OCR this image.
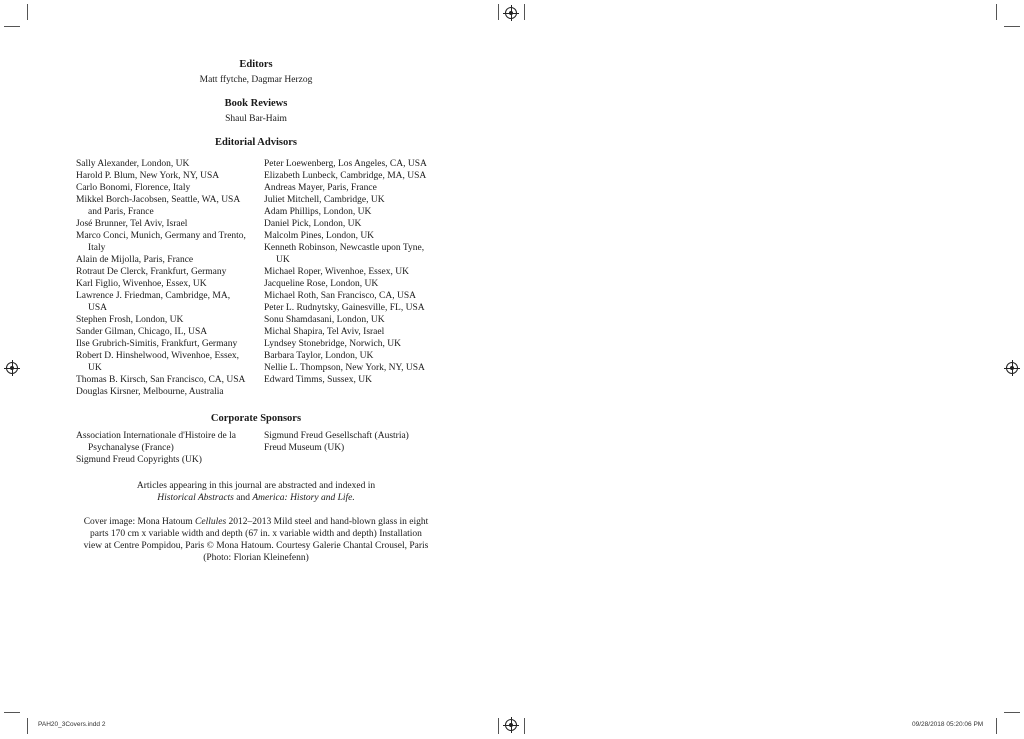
Editors
Matt ffytche, Dagmar Herzog
Book Reviews
Shaul Bar-Haim
Editorial Advisors
Sally Alexander, London, UK
Harold P. Blum, New York, NY, USA
Carlo Bonomi, Florence, Italy
Mikkel Borch-Jacobsen, Seattle, WA, USA and Paris, France
José Brunner, Tel Aviv, Israel
Marco Conci, Munich, Germany and Trento, Italy
Alain de Mijolla, Paris, France
Rotraut De Clerck, Frankfurt, Germany
Karl Figlio, Wivenhoe, Essex, UK
Lawrence J. Friedman, Cambridge, MA, USA
Stephen Frosh, London, UK
Sander Gilman, Chicago, IL, USA
Ilse Grubrich-Simitis, Frankfurt, Germany
Robert D. Hinshelwood, Wivenhoe, Essex, UK
Thomas B. Kirsch, San Francisco, CA, USA
Douglas Kirsner, Melbourne, Australia
Peter Loewenberg, Los Angeles, CA, USA
Elizabeth Lunbeck, Cambridge, MA, USA
Andreas Mayer, Paris, France
Juliet Mitchell, Cambridge, UK
Adam Phillips, London, UK
Daniel Pick, London, UK
Malcolm Pines, London, UK
Kenneth Robinson, Newcastle upon Tyne, UK
Michael Roper, Wivenhoe, Essex, UK
Jacqueline Rose, London, UK
Michael Roth, San Francisco, CA, USA
Peter L. Rudnytsky, Gainesville, FL, USA
Sonu Shamdasani, London, UK
Michal Shapira, Tel Aviv, Israel
Lyndsey Stonebridge, Norwich, UK
Barbara Taylor, London, UK
Nellie L. Thompson, New York, NY, USA
Edward Timms, Sussex, UK
Corporate Sponsors
Association Internationale d'Histoire de la Psychanalyse (France)
Sigmund Freud Copyrights (UK)
Sigmund Freud Gesellschaft (Austria)
Freud Museum (UK)
Articles appearing in this journal are abstracted and indexed in
Historical Abstracts and America: History and Life.
Cover image: Mona Hatoum Cellules 2012–2013 Mild steel and hand-blown glass in eight parts 170 cm x variable width and depth (67 in. x variable width and depth) Installation view at Centre Pompidou, Paris © Mona Hatoum. Courtesy Galerie Chantal Crousel, Paris (Photo: Florian Kleinefenn)
PAH20_3Covers.indd 2	09/28/2018 05:20:06 PM
